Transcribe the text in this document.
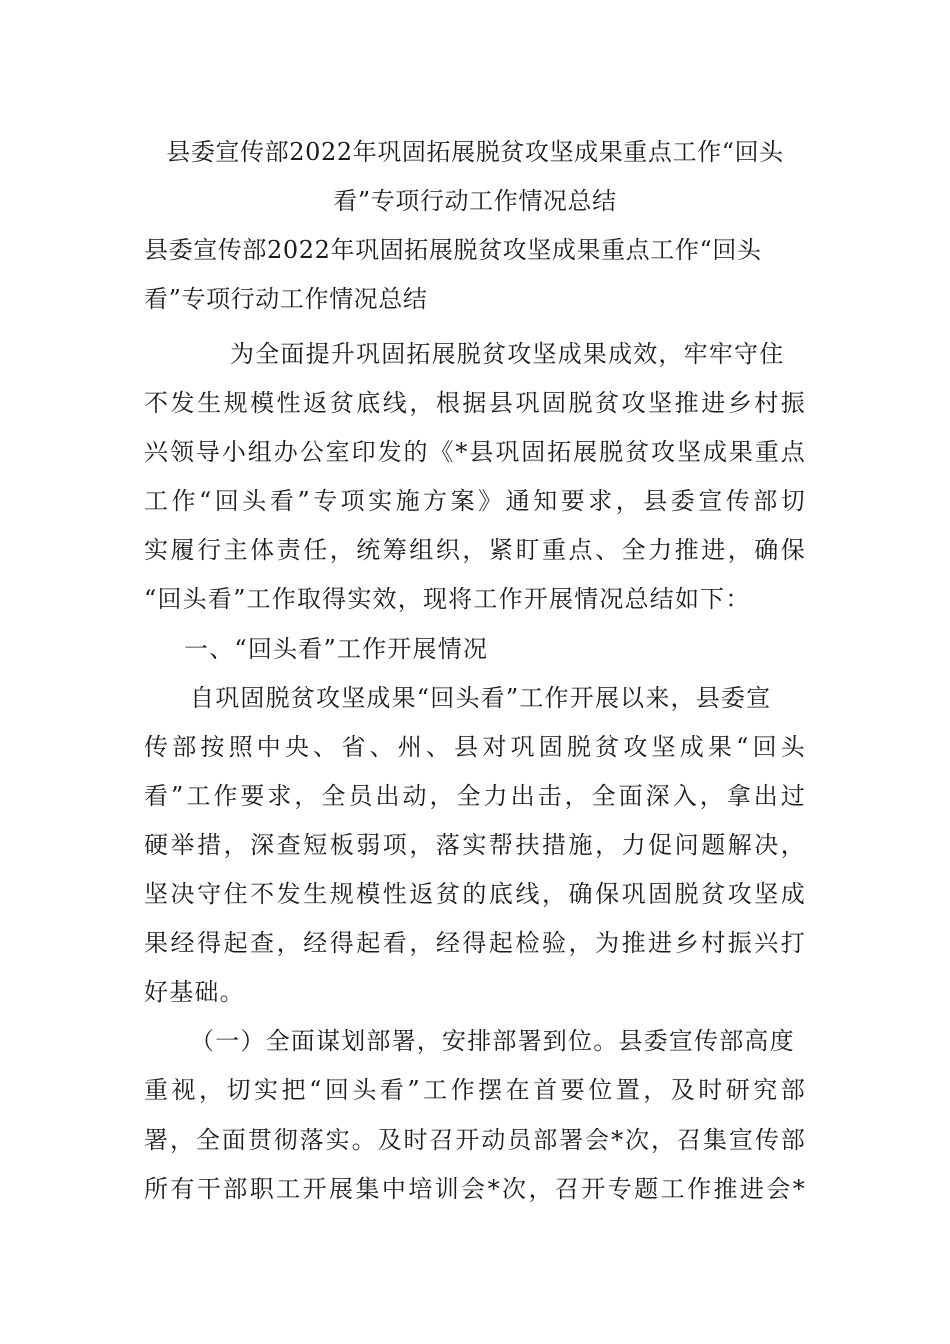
县委宣传部2022年巩固拓展脱贫攻坚成果重点工作“回头
看”专项行动工作情况总结
县委宣传部2022年巩固拓展脱贫攻坚成果重点工作“回头
看”专项行动工作情况总结
为全面提升巩固拓展脱贫攻坚成果成效，牢牢守住
不发生规模性返贫底线，根据县巩固脱贫攻坚推进乡村振
兴领导小组办公室印发的《*县巩固拓展脱贫攻坚成果重点
工作“回头看”专项实施方案》通知要求，县委宣传部切
实履行主体责任，统筹组织，紧盯重点、全力推进，确保
“回头看”工作取得实效，现将工作开展情况总结如下：
一、“回头看”工作开展情况
自巩固脱贫攻坚成果“回头看”工作开展以来，县委宣
传部按照中央、省、州、县对巩固脱贫攻坚成果“回头
看”工作要求，全员出动，全力出击，全面深入，拿出过
硬举措，深查短板弱项，落实帮扶措施，力促问题解决，
坚决守住不发生规模性返贫的底线，确保巩固脱贫攻坚成
果经得起查，经得起看，经得起检验，为推进乡村振兴打
好基础。
（一）全面谋划部署，安排部署到位。县委宣传部高度
重视，切实把“回头看”工作摆在首要位置，及时研究部
署，全面贯彻落实。及时召开动员部署会*次，召集宣传部
所有干部职工开展集中培训会*次，召开专题工作推进会*
